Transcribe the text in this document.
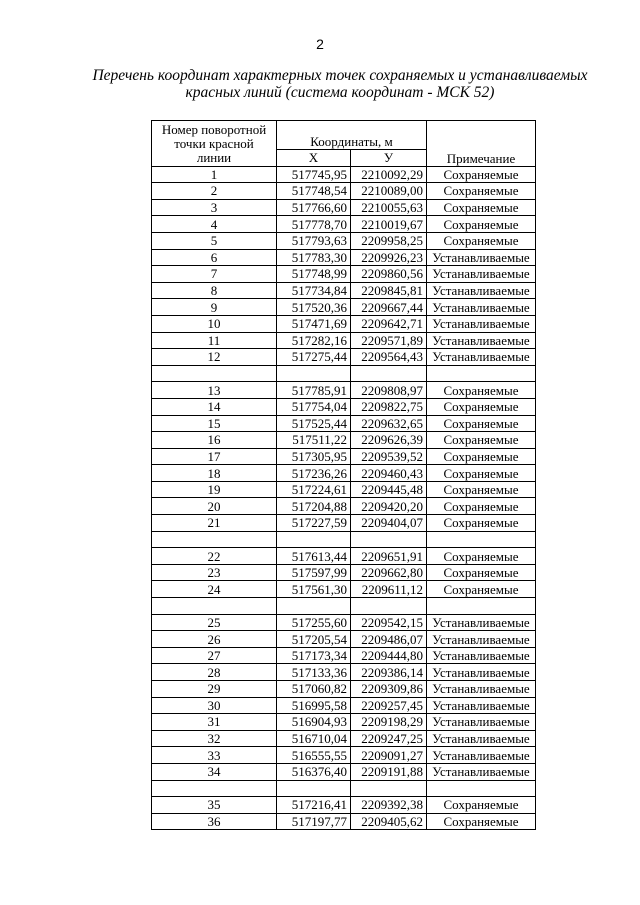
2
Перечень координат характерных точек сохраняемых и устанавливаемых
красных линий (система координат - МСК 52)
Номер поворотной
точки красной
линии	Координаты, м		Примечание
	Х	У	
1	517745,95	2210092,29	Сохраняемые
2	517748,54	2210089,00	Сохраняемые
3	517766,60	2210055,63	Сохраняемые
4	517778,70	2210019,67	Сохраняемые
5	517793,63	2209958,25	Сохраняемые
6	517783,30	2209926,23	Устанавливаемые
7	517748,99	2209860,56	Устанавливаемые
8	517734,84	2209845,81	Устанавливаемые
9	517520,36	2209667,44	Устанавливаемые
10	517471,69	2209642,71	Устанавливаемые
11	517282,16	2209571,89	Устанавливаемые
12	517275,44	2209564,43	Устанавливаемые

13	517785,91	2209808,97	Сохраняемые
14	517754,04	2209822,75	Сохраняемые
15	517525,44	2209632,65	Сохраняемые
16	517511,22	2209626,39	Сохраняемые
17	517305,95	2209539,52	Сохраняемые
18	517236,26	2209460,43	Сохраняемые
19	517224,61	2209445,48	Сохраняемые
20	517204,88	2209420,20	Сохраняемые
21	517227,59	2209404,07	Сохраняемые

22	517613,44	2209651,91	Сохраняемые
23	517597,99	2209662,80	Сохраняемые
24	517561,30	2209611,12	Сохраняемые

25	517255,60	2209542,15	Устанавливаемые
26	517205,54	2209486,07	Устанавливаемые
27	517173,34	2209444,80	Устанавливаемые
28	517133,36	2209386,14	Устанавливаемые
29	517060,82	2209309,86	Устанавливаемые
30	516995,58	2209257,45	Устанавливаемые
31	516904,93	2209198,29	Устанавливаемые
32	516710,04	2209247,25	Устанавливаемые
33	516555,55	2209091,27	Устанавливаемые
34	516376,40	2209191,88	Устанавливаемые

35	517216,41	2209392,38	Сохраняемые
36	517197,77	2209405,62	Сохраняемые
